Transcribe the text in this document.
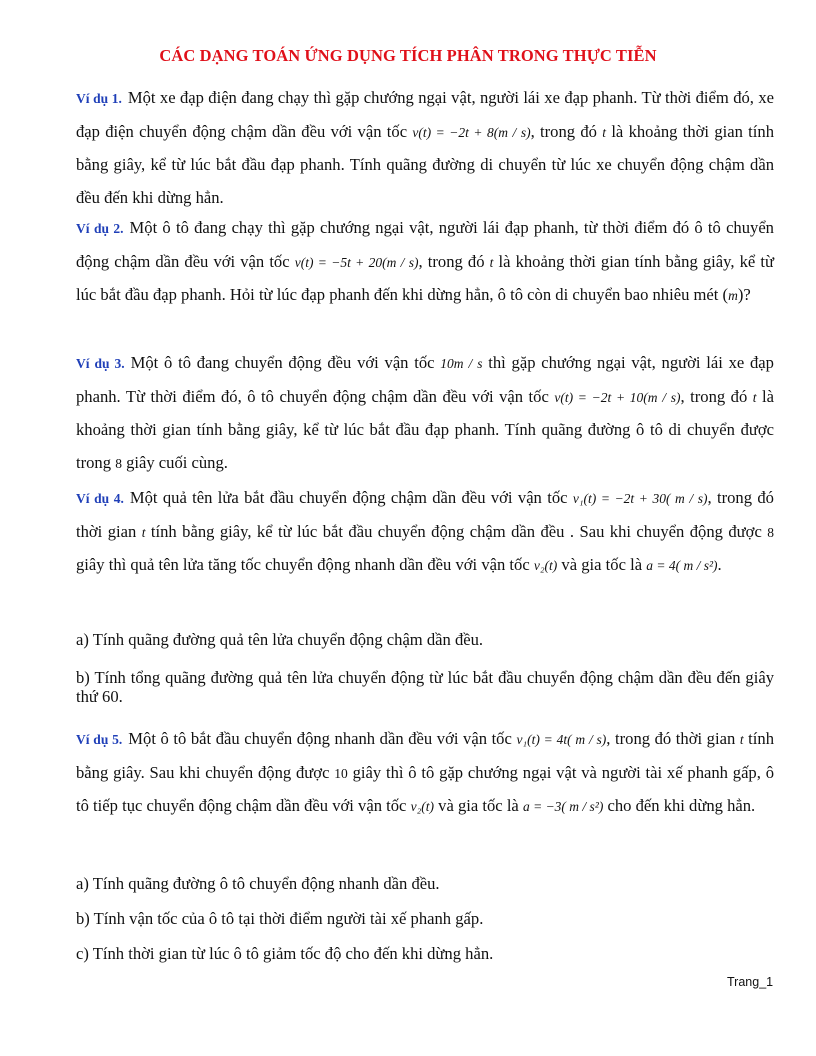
CÁC DẠNG TOÁN ỨNG DỤNG TÍCH PHÂN TRONG THỰC TIỄN
Ví dụ 1. Một xe đạp điện đang chạy thì gặp chướng ngại vật, người lái xe đạp phanh. Từ thời điểm đó, xe đạp điện chuyển động chậm dần đều với vận tốc v(t) = −2t + 8(m / s), trong đó t là khoảng thời gian tính bằng giây, kể từ lúc bắt đầu đạp phanh. Tính quãng đường di chuyển từ lúc xe chuyển động chậm dần đều đến khi dừng hẳn.
Ví dụ 2. Một ô tô đang chạy thì gặp chướng ngại vật, người lái đạp phanh, từ thời điểm đó ô tô chuyển động chậm dần đều với vận tốc v(t) = −5t + 20(m / s), trong đó t là khoảng thời gian tính bằng giây, kể từ lúc bắt đầu đạp phanh. Hỏi từ lúc đạp phanh đến khi dừng hẳn, ô tô còn di chuyển bao nhiêu mét (m)?
Ví dụ 3. Một ô tô đang chuyển động đều với vận tốc 10m / s thì gặp chướng ngại vật, người lái xe đạp phanh. Từ thời điểm đó, ô tô chuyển động chậm dần đều với vận tốc v(t) = −2t + 10(m / s), trong đó t là khoảng thời gian tính bằng giây, kể từ lúc bắt đầu đạp phanh. Tính quãng đường ô tô di chuyển được trong 8 giây cuối cùng.
Ví dụ 4. Một quả tên lửa bắt đầu chuyển động chậm dần đều với vận tốc v₁(t) = −2t + 30( m / s), trong đó thời gian t tính bằng giây, kể từ lúc bắt đầu chuyển động chậm dần đều . Sau khi chuyển động được 8 giây thì quả tên lửa tăng tốc chuyển động nhanh dần đều với vận tốc v₂(t) và gia tốc là a = 4( m / s²).
a) Tính quãng đường quả tên lửa chuyển động chậm dần đều.
b) Tính tổng quãng đường quả tên lửa chuyển động từ lúc bắt đầu chuyển động chậm dần đều đến giây thứ 60.
Ví dụ 5. Một ô tô bắt đầu chuyển động nhanh dần đều với vận tốc v₁(t) = 4t( m / s), trong đó thời gian t tính bằng giây. Sau khi chuyển động được 10 giây thì ô tô gặp chướng ngại vật và người tài xế phanh gấp, ô tô tiếp tục chuyển động chậm dần đều với vận tốc v₂(t) và gia tốc là a = −3( m / s²) cho đến khi dừng hẳn.
a) Tính quãng đường ô tô chuyển động nhanh dần đều.
b) Tính vận tốc của ô tô tại thời điểm người tài xế phanh gấp.
c) Tính thời gian từ lúc ô tô giảm tốc độ cho đến khi dừng hẳn.
Trang_1
